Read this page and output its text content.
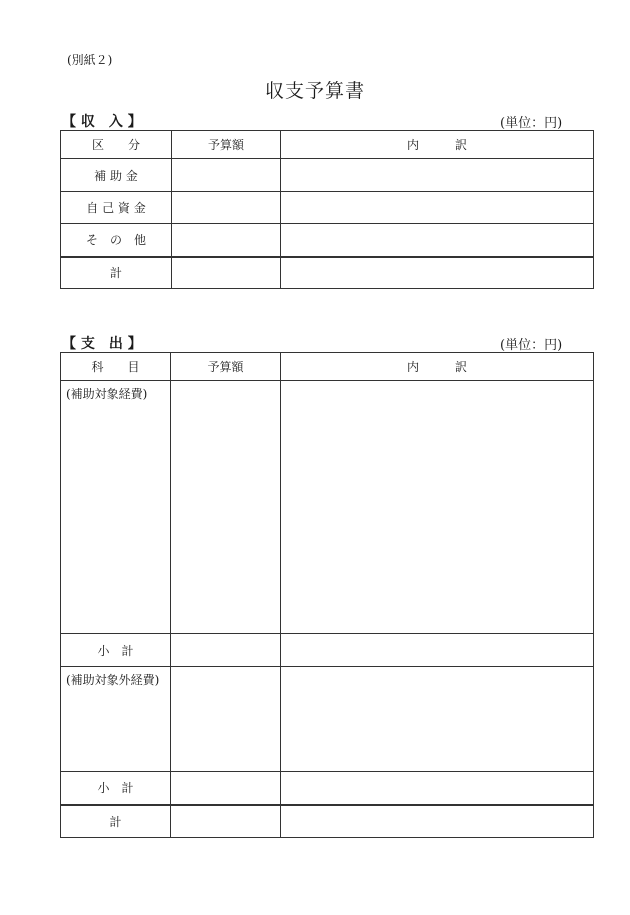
(別紙２)
収支予算書
【 収　入 】	(単位：円)
区　　分	予算額	内　　　訳
補 助 金		
自 己 資 金		
そ　の　他		
計		
【 支　出 】	(単位：円)
科　　目	予算額	内　　　訳
(補助対象経費)		
小　計		
(補助対象外経費)		
小　計		
計		
